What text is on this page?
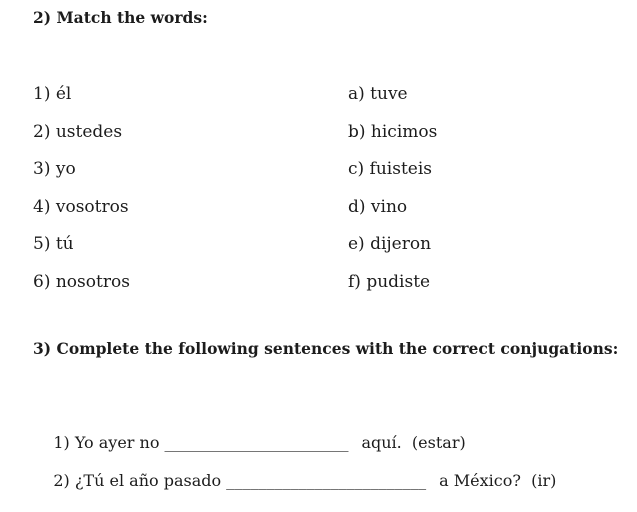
2) Match the words:
1) él
2) ustedes
3) yo
4) vosotros
5) tú
6) nosotros
a) tuve
b) hicimos
c) fuisteis
d) vino
e) dijeron
f) pudiste
3) Complete the following sentences with the correct conjugations:

1) Yo ayer no _______________________ aquí.  (estar)

2) ¿Tú el año pasado _________________________ a México?  (ir)
